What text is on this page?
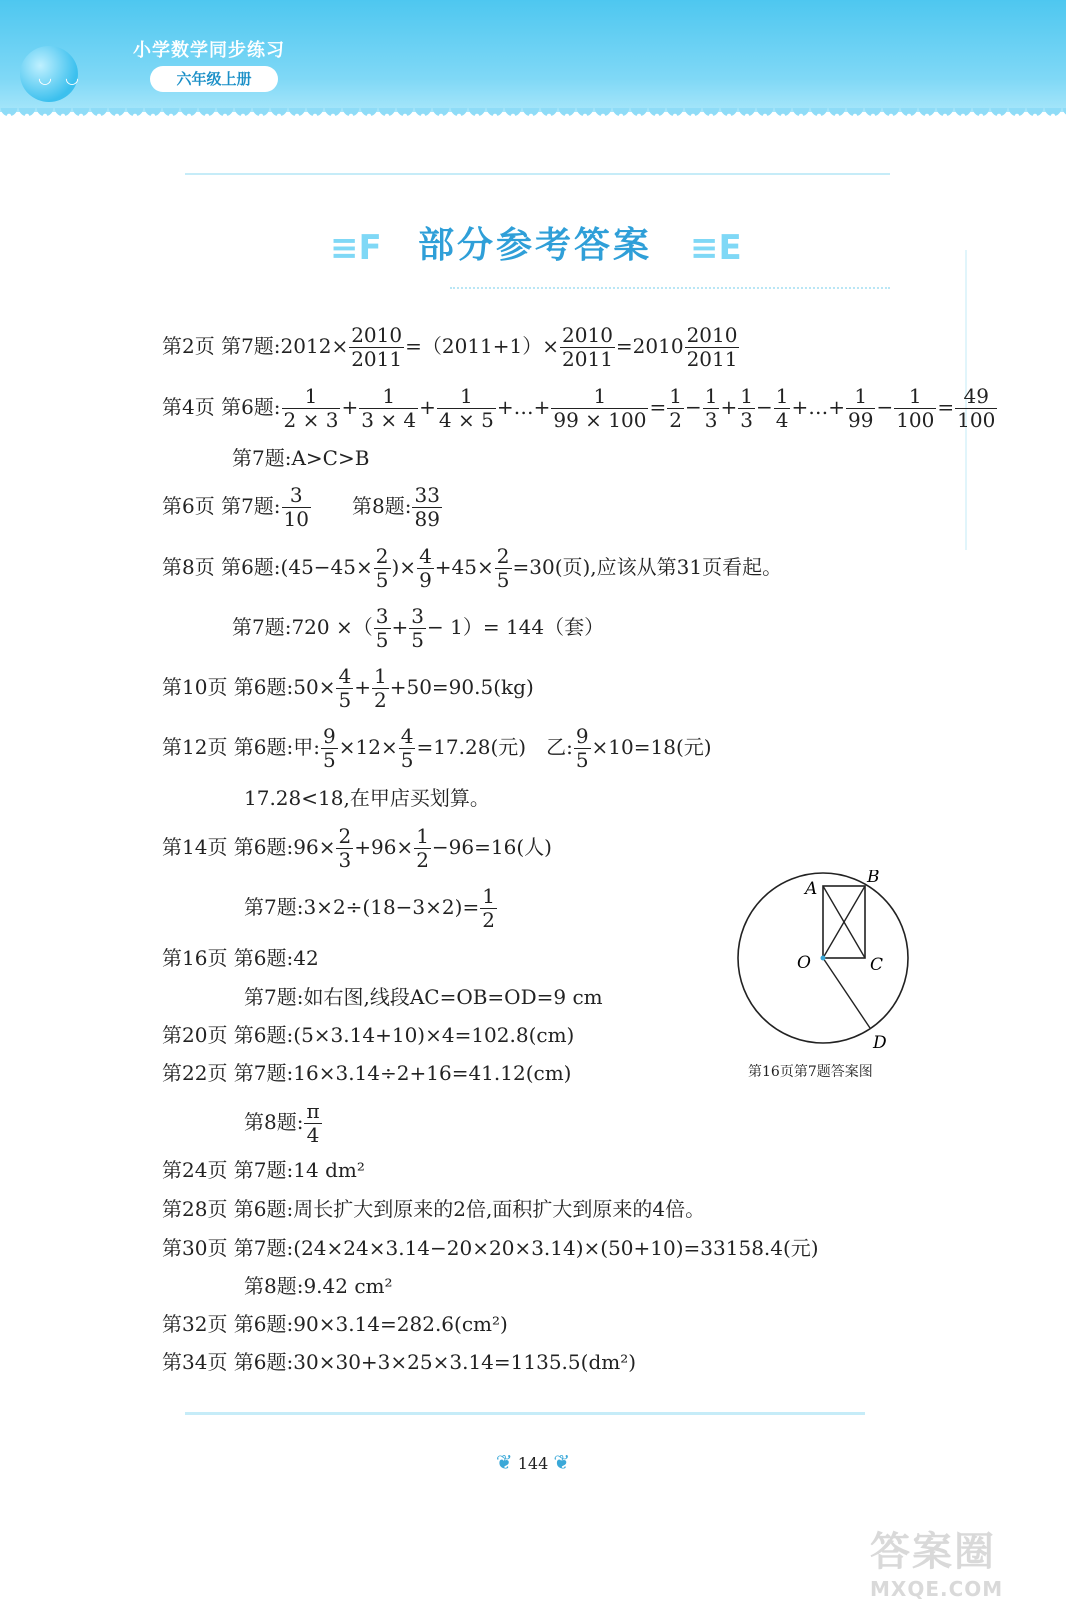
◡ ◡
小学数学同步练习
六年级上册
≡F 部分参考答案 ≡E
第2页 第7题:2012× $\frac{2010}{2011} =(2011+1)\times \frac{2010}{2011} =2010 \frac{2010}{2011}$
第4页 第6题: $\frac{1}{2 \times 3} + \frac{1}{3 \times 4} + \frac{1}{4 \times 5}$ +…+ $\frac{1}{99 \times 100} = \frac{1}{2} - \frac{1}{3} + \frac{1}{3} - \frac{1}{4}$ +…+ $\frac{1}{99} - \frac{1}{100} = \frac{49}{100}$
第7题:A>C>B
第6页 第7题: $\frac{3}{10}$ 第8题: $\frac{33}{89}$
第8页 第6题:(45−45× $\frac{2}{5}$ )× $\frac{4}{9} +45\times \frac{2}{5} =30$(页),应该从第31页看起。
第7题:720 ×（ $\frac{3}{5} + \frac{3}{5} - 1)= 144$（套）
第10页 第6题:50× $\frac{4}{5} + \frac{1}{2} +50=90.5(kg)$
第12页 第6题:甲: $\frac{9}{5} \times 12\times \frac{4}{5} =17.28$(元)　乙: $\frac{9}{5} \times 10=18$(元)
17.28<18,在甲店买划算。
第14页 第6题:96× $\frac{2}{3} +96\times \frac{1}{2} -96=16$(人)
第7题:3×2÷(18−3×2)= $\frac{1}{2}$
第16页 第6题:42
第7题:如右图,线段AC=OB=OD=9 cm
第20页 第6题:(5×3.14+10)×4=102.8(cm)
第22页 第7题:16×3.14÷2+16=41.12(cm)
第8题: $\frac{\pi}{4}$
第24页 第7题:14 dm²
第28页 第6题:周长扩大到原来的2倍,面积扩大到原来的4倍。
第30页 第7题:(24×24×3.14−20×20×3.14)×(50+10)=33158.4(元)
第8题:9.42 cm²
第32页 第6题:90×3.14=282.6(cm²)
第34页 第6题:30×30+3×25×3.14=1135.5(dm²)
A
B
O	C
D
第16页第7题答案图
❦ 144 ❦
答案圈
MXQE.COM
